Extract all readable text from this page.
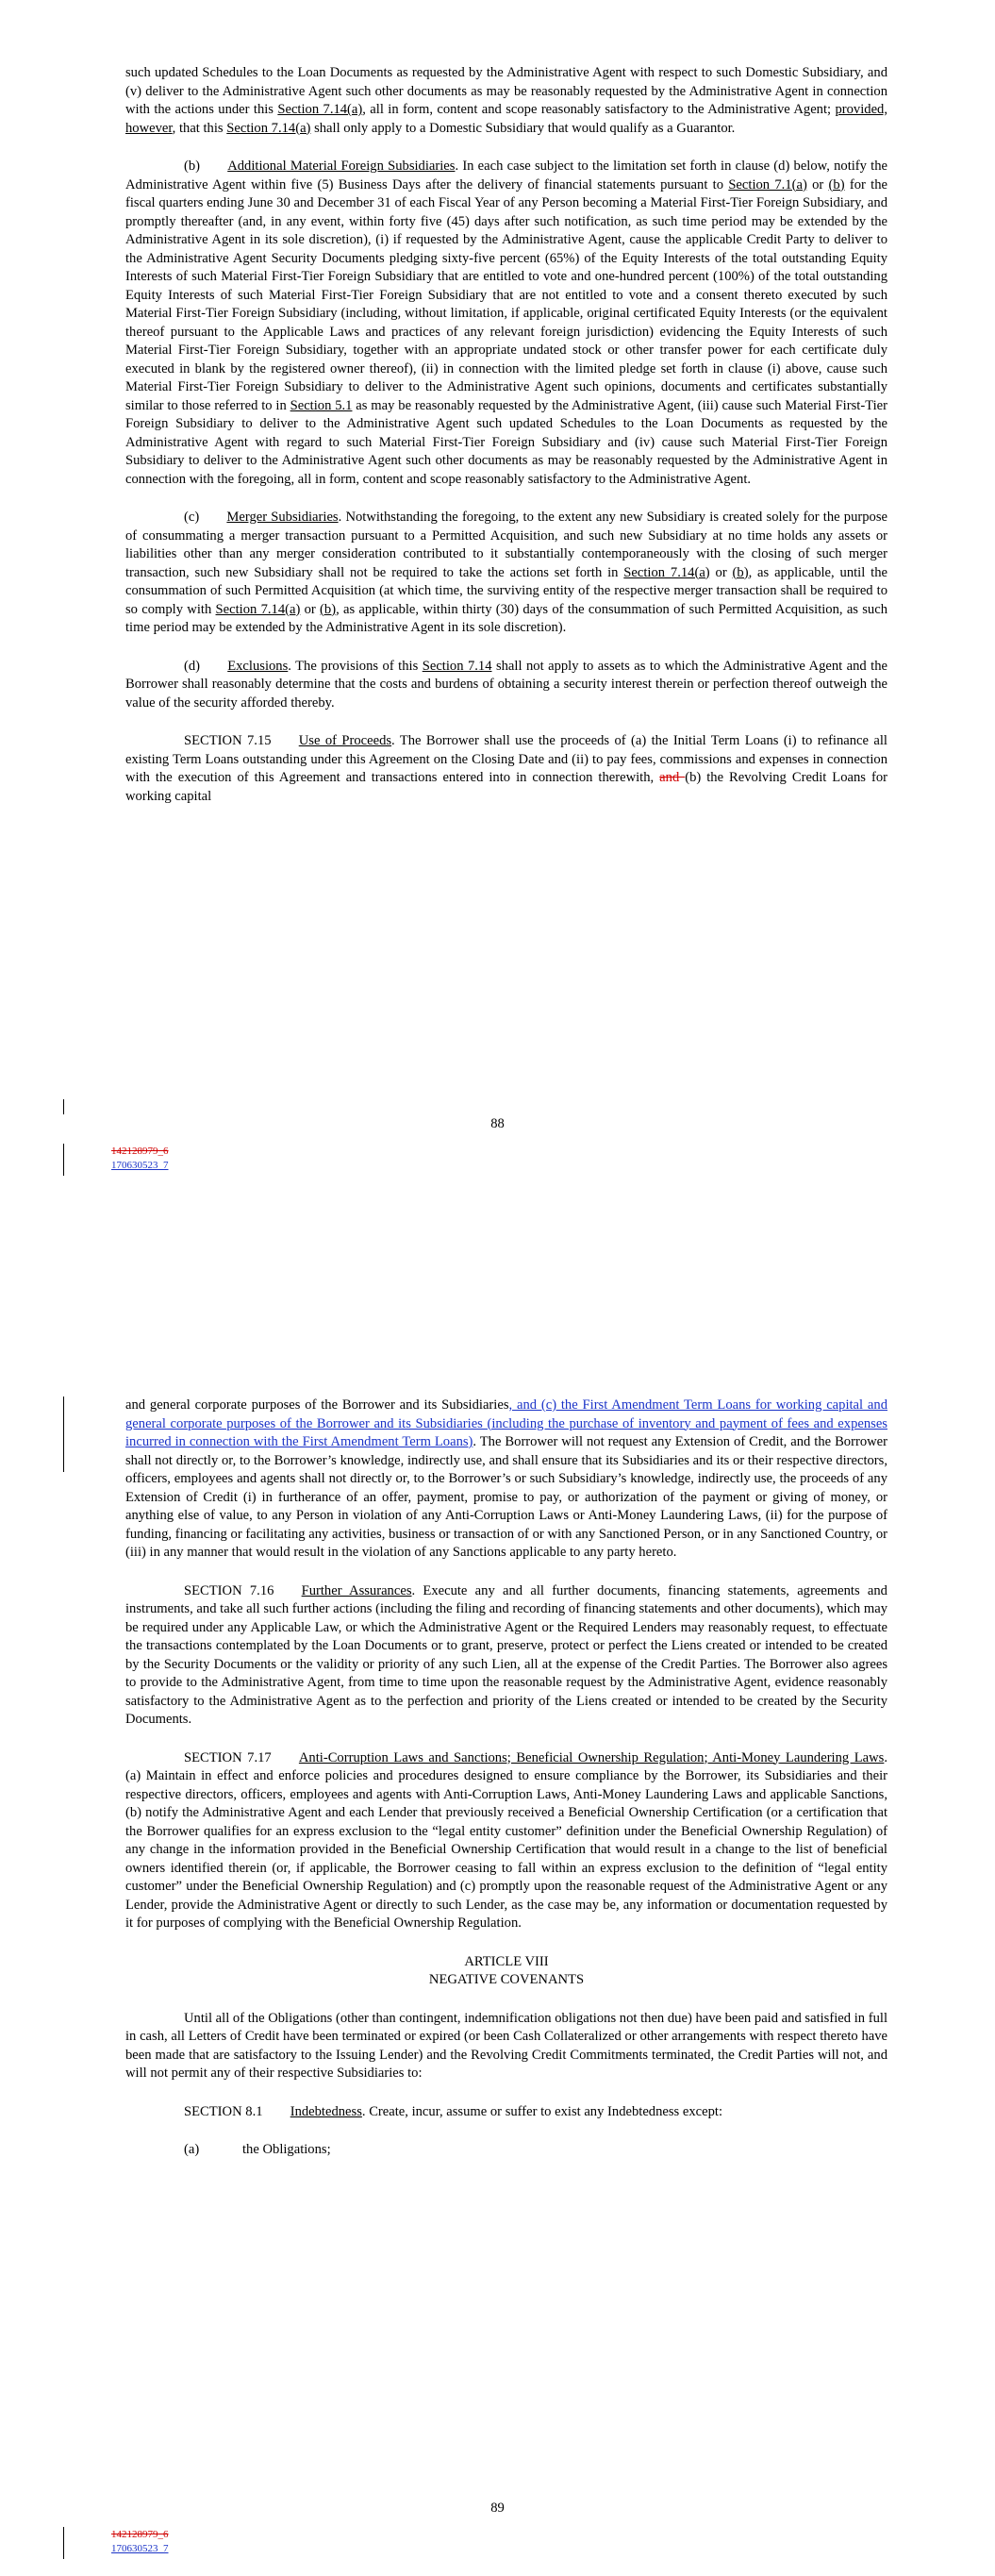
such updated Schedules to the Loan Documents as requested by the Administrative Agent with respect to such Domestic Subsidiary, and (v) deliver to the Administrative Agent such other documents as may be reasonably requested by the Administrative Agent in connection with the actions under this Section 7.14(a), all in form, content and scope reasonably satisfactory to the Administrative Agent; provided, however, that this Section 7.14(a) shall only apply to a Domestic Subsidiary that would qualify as a Guarantor.

(b)  Additional Material Foreign Subsidiaries. In each case subject to the limitation set forth in clause (d) below, notify the Administrative Agent within five (5) Business Days after the delivery of financial statements pursuant to Section 7.1(a) or (b) for the fiscal quarters ending June 30 and December 31 of each Fiscal Year of any Person becoming a Material First-Tier Foreign Subsidiary, and promptly thereafter (and, in any event, within forty five (45) days after such notification, as such time period may be extended by the Administrative Agent in its sole discretion), (i) if requested by the Administrative Agent, cause the applicable Credit Party to deliver to the Administrative Agent Security Documents pledging sixty-five percent (65%) of the Equity Interests of the total outstanding Equity Interests of such Material First-Tier Foreign Subsidiary that are entitled to vote and one-hundred percent (100%) of the total outstanding Equity Interests of such Material First-Tier Foreign Subsidiary that are not entitled to vote and a consent thereto executed by such Material First-Tier Foreign Subsidiary (including, without limitation, if applicable, original certificated Equity Interests (or the equivalent thereof pursuant to the Applicable Laws and practices of any relevant foreign jurisdiction) evidencing the Equity Interests of such Material First-Tier Foreign Subsidiary, together with an appropriate undated stock or other transfer power for each certificate duly executed in blank by the registered owner thereof), (ii) in connection with the limited pledge set forth in clause (i) above, cause such Material First-Tier Foreign Subsidiary to deliver to the Administrative Agent such opinions, documents and certificates substantially similar to those referred to in Section 5.1 as may be reasonably requested by the Administrative Agent, (iii) cause such Material First-Tier Foreign Subsidiary to deliver to the Administrative Agent such updated Schedules to the Loan Documents as requested by the Administrative Agent with regard to such Material First-Tier Foreign Subsidiary and (iv) cause such Material First-Tier Foreign Subsidiary to deliver to the Administrative Agent such other documents as may be reasonably requested by the Administrative Agent in connection with the foregoing, all in form, content and scope reasonably satisfactory to the Administrative Agent.

(c)  Merger Subsidiaries. Notwithstanding the foregoing, to the extent any new Subsidiary is created solely for the purpose of consummating a merger transaction pursuant to a Permitted Acquisition, and such new Subsidiary at no time holds any assets or liabilities other than any merger consideration contributed to it substantially contemporaneously with the closing of such merger transaction, such new Subsidiary shall not be required to take the actions set forth in Section 7.14(a) or (b), as applicable, until the consummation of such Permitted Acquisition (at which time, the surviving entity of the respective merger transaction shall be required to so comply with Section 7.14(a) or (b), as applicable, within thirty (30) days of the consummation of such Permitted Acquisition, as such time period may be extended by the Administrative Agent in its sole discretion).

(d)  Exclusions. The provisions of this Section 7.14 shall not apply to assets as to which the Administrative Agent and the Borrower shall reasonably determine that the costs and burdens of obtaining a security interest therein or perfection thereof outweigh the value of the security afforded thereby.

SECTION 7.15  Use of Proceeds. The Borrower shall use the proceeds of (a) the Initial Term Loans (i) to refinance all existing Term Loans outstanding under this Agreement on the Closing Date and (ii) to pay fees, commissions and expenses in connection with the execution of this Agreement and transactions entered into in connection therewith, and (b) the Revolving Credit Loans for working capital

88
142128979_6
170630523_7

and general corporate purposes of the Borrower and its Subsidiaries, and (c) the First Amendment Term Loans for working capital and general corporate purposes of the Borrower and its Subsidiaries (including the purchase of inventory and payment of fees and expenses incurred in connection with the First Amendment Term Loans). The Borrower will not request any Extension of Credit, and the Borrower shall not directly or, to the Borrower’s knowledge, indirectly use, and shall ensure that its Subsidiaries and its or their respective directors, officers, employees and agents shall not directly or, to the Borrower’s or such Subsidiary’s knowledge, indirectly use, the proceeds of any Extension of Credit (i) in furtherance of an offer, payment, promise to pay, or authorization of the payment or giving of money, or anything else of value, to any Person in violation of any Anti-Corruption Laws or Anti-Money Laundering Laws, (ii) for the purpose of funding, financing or facilitating any activities, business or transaction of or with any Sanctioned Person, or in any Sanctioned Country, or (iii) in any manner that would result in the violation of any Sanctions applicable to any party hereto.

SECTION 7.16  Further Assurances. Execute any and all further documents, financing statements, agreements and instruments, and take all such further actions (including the filing and recording of financing statements and other documents), which may be required under any Applicable Law, or which the Administrative Agent or the Required Lenders may reasonably request, to effectuate the transactions contemplated by the Loan Documents or to grant, preserve, protect or perfect the Liens created or intended to be created by the Security Documents or the validity or priority of any such Lien, all at the expense of the Credit Parties. The Borrower also agrees to provide to the Administrative Agent, from time to time upon the reasonable request by the Administrative Agent, evidence reasonably satisfactory to the Administrative Agent as to the perfection and priority of the Liens created or intended to be created by the Security Documents.

SECTION 7.17  Anti-Corruption Laws and Sanctions; Beneficial Ownership Regulation; Anti-Money Laundering Laws. (a) Maintain in effect and enforce policies and procedures designed to ensure compliance by the Borrower, its Subsidiaries and their respective directors, officers, employees and agents with Anti-Corruption Laws, Anti-Money Laundering Laws and applicable Sanctions, (b) notify the Administrative Agent and each Lender that previously received a Beneficial Ownership Certification (or a certification that the Borrower qualifies for an express exclusion to the “legal entity customer” definition under the Beneficial Ownership Regulation) of any change in the information provided in the Beneficial Ownership Certification that would result in a change to the list of beneficial owners identified therein (or, if applicable, the Borrower ceasing to fall within an express exclusion to the definition of “legal entity customer” under the Beneficial Ownership Regulation) and (c) promptly upon the reasonable request of the Administrative Agent or any Lender, provide the Administrative Agent or directly to such Lender, as the case may be, any information or documentation requested by it for purposes of complying with the Beneficial Ownership Regulation.

ARTICLE VIII
NEGATIVE COVENANTS

Until all of the Obligations (other than contingent, indemnification obligations not then due) have been paid and satisfied in full in cash, all Letters of Credit have been terminated or expired (or been Cash Collateralized or other arrangements with respect thereto have been made that are satisfactory to the Issuing Lender) and the Revolving Credit Commitments terminated, the Credit Parties will not, and will not permit any of their respective Subsidiaries to:

SECTION 8.1  Indebtedness. Create, incur, assume or suffer to exist any Indebtedness except:

(a)	the Obligations;

89
142128979_6
170630523_7
